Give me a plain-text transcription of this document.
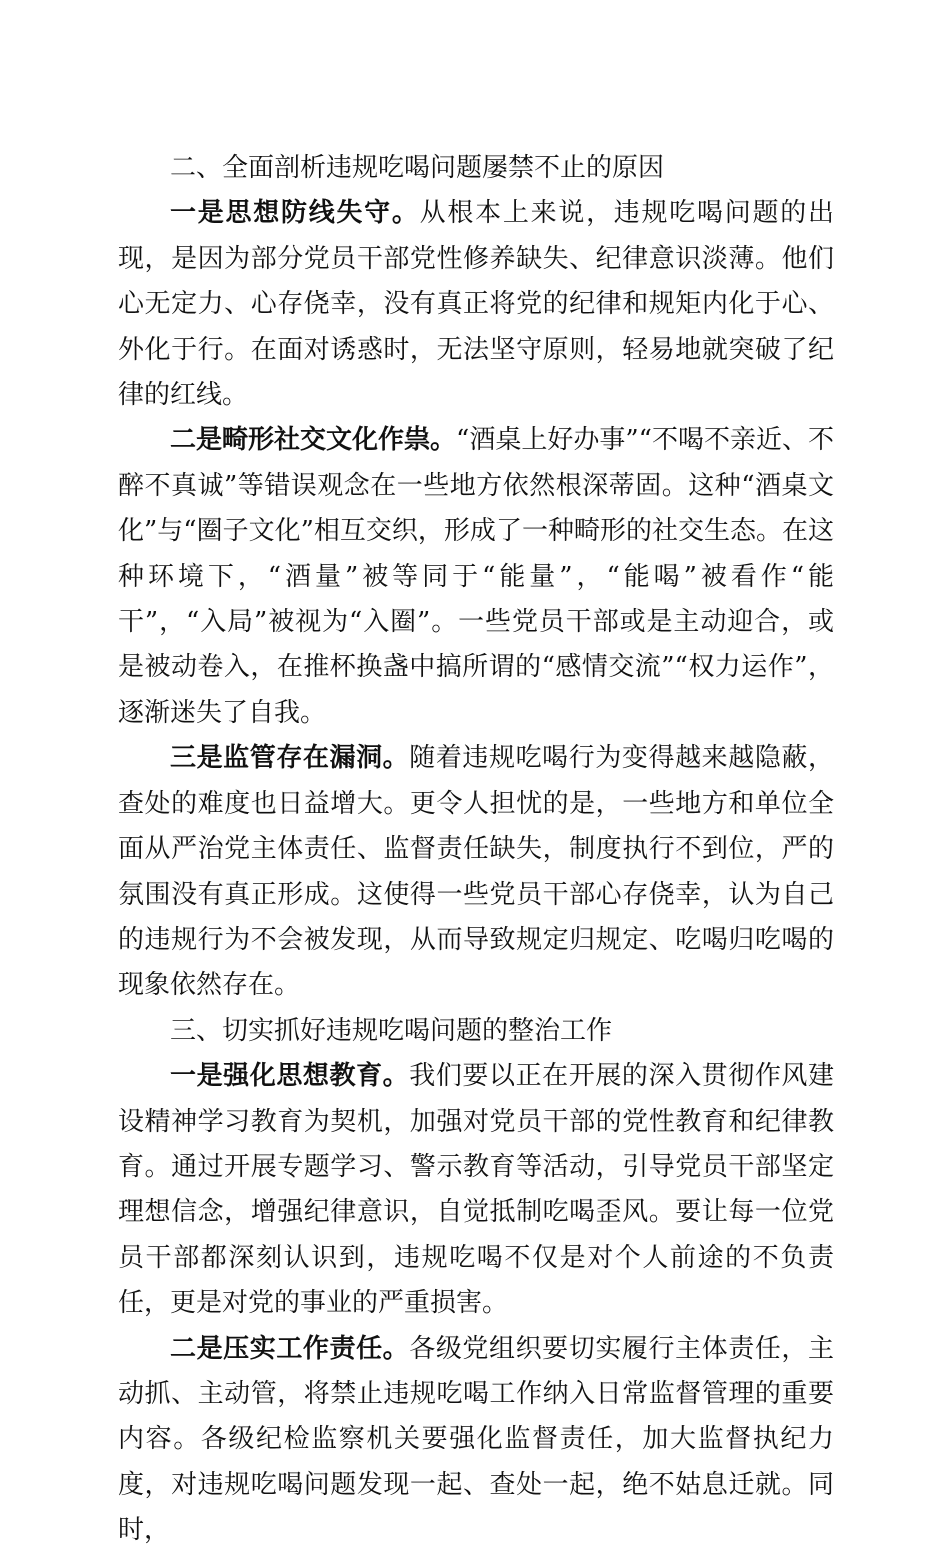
二、全面剖析违规吃喝问题屡禁不止的原因

一是思想防线失守。从根本上来说，违规吃喝问题的出现，是因为部分党员干部党性修养缺失、纪律意识淡薄。他们心无定力、心存侥幸，没有真正将党的纪律和规矩内化于心、外化于行。在面对诱惑时，无法坚守原则，轻易地就突破了纪律的红线。

二是畸形社交文化作祟。“酒桌上好办事”“不喝不亲近、不醉不真诚”等错误观念在一些地方依然根深蒂固。这种“酒桌文化”与“圈子文化”相互交织，形成了一种畸形的社交生态。在这种环境下，“酒量”被等同于“能量”，“能喝”被看作“能干”，“入局”被视为“入圈”。一些党员干部或是主动迎合，或是被动卷入，在推杯换盏中搞所谓的“感情交流”“权力运作”，逐渐迷失了自我。

三是监管存在漏洞。随着违规吃喝行为变得越来越隐蔽，查处的难度也日益增大。更令人担忧的是，一些地方和单位全面从严治党主体责任、监督责任缺失，制度执行不到位，严的氛围没有真正形成。这使得一些党员干部心存侥幸，认为自己的违规行为不会被发现，从而导致规定归规定、吃喝归吃喝的现象依然存在。

三、切实抓好违规吃喝问题的整治工作

一是强化思想教育。我们要以正在开展的深入贯彻作风建设精神学习教育为契机，加强对党员干部的党性教育和纪律教育。通过开展专题学习、警示教育等活动，引导党员干部坚定理想信念，增强纪律意识，自觉抵制吃喝歪风。要让每一位党员干部都深刻认识到，违规吃喝不仅是对个人前途的不负责任，更是对党的事业的严重损害。

二是压实工作责任。各级党组织要切实履行主体责任，主动抓、主动管，将禁止违规吃喝工作纳入日常监督管理的重要内容。各级纪检监察机关要强化监督责任，加大监督执纪力度，对违规吃喝问题发现一起、查处一起，绝不姑息迁就。同时，
